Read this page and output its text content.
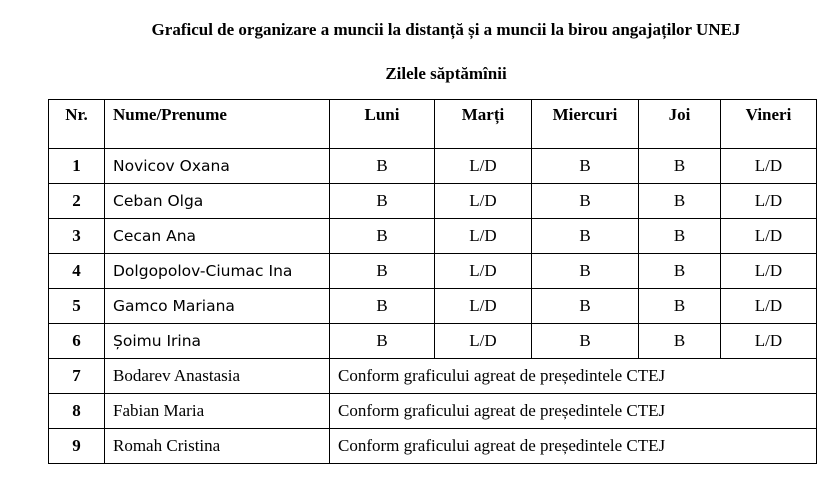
Graficul de organizare a muncii la distanță și a muncii la birou angajaților UNEJ
Zilele săptămînii
Nr.	Nume/Prenume	Luni	Marți	Miercuri	Joi	Vineri
1	Novicov Oxana	B	L/D	B	B	L/D
2	Ceban Olga	B	L/D	B	B	L/D
3	Cecan Ana	B	L/D	B	B	L/D
4	Dolgopolov-Ciumac Ina	B	L/D	B	B	L/D
5	Gamco Mariana	B	L/D	B	B	L/D
6	Șoimu Irina	B	L/D	B	B	L/D
7	Bodarev Anastasia	Conform graficului agreat de președintele CTEJ				
8	Fabian Maria	Conform graficului agreat de președintele CTEJ				
9	Romah Cristina	Conform graficului agreat de președintele CTEJ				
